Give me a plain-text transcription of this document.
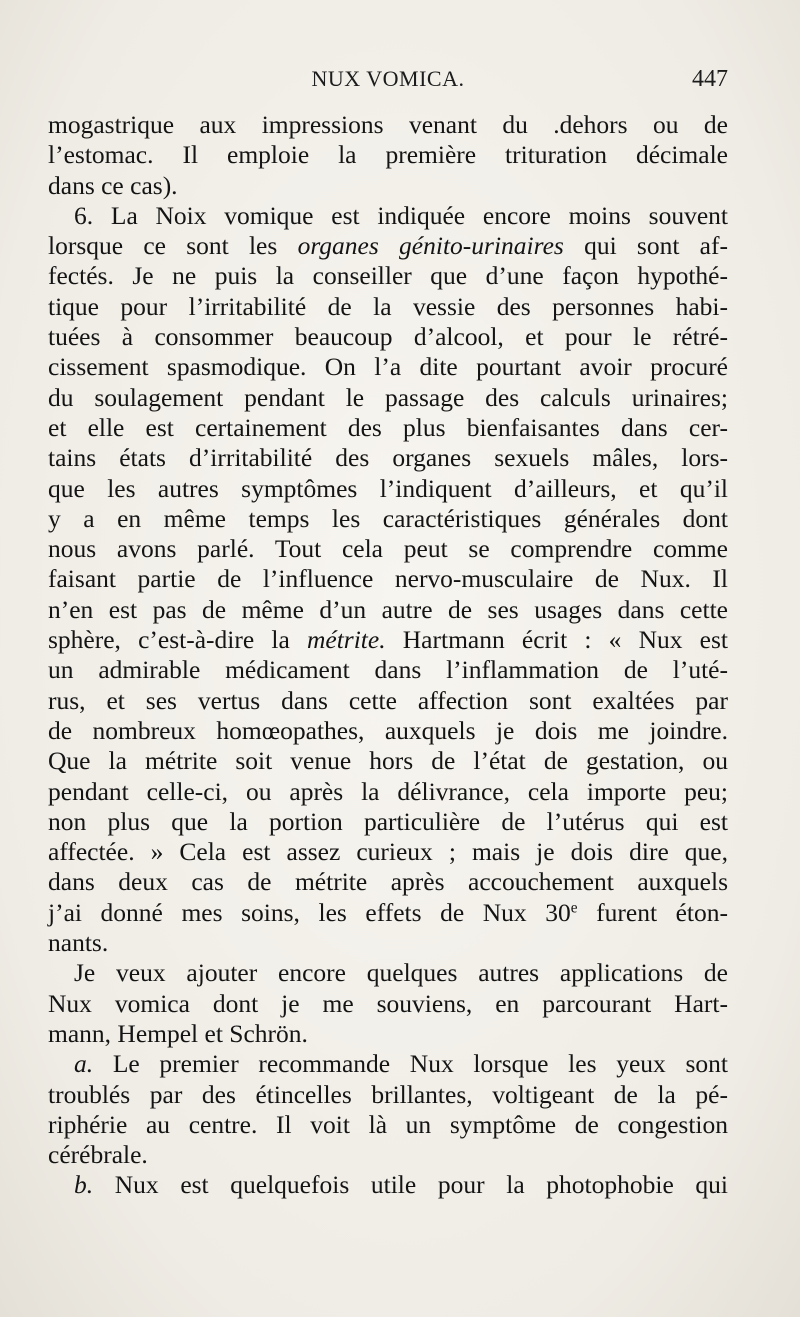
NUX VOMICA.	447
mogastrique aux impressions venant du .dehors ou de
l’estomac. Il emploie la première trituration décimale
dans ce cas).
6. La Noix vomique est indiquée encore moins souvent
lorsque ce sont les organes génito-urinaires qui sont af-
fectés. Je ne puis la conseiller que d’une façon hypothé-
tique pour l’irritabilité de la vessie des personnes habi-
tuées à consommer beaucoup d’alcool, et pour le rétré-
cissement spasmodique. On l’a dite pourtant avoir procuré
du soulagement pendant le passage des calculs urinaires;
et elle est certainement des plus bienfaisantes dans cer-
tains états d’irritabilité des organes sexuels mâles, lors-
que les autres symptômes l’indiquent d’ailleurs, et qu’il
y a en même temps les caractéristiques générales dont
nous avons parlé. Tout cela peut se comprendre comme
faisant partie de l’influence nervo-musculaire de Nux. Il
n’en est pas de même d’un autre de ses usages dans cette
sphère, c’est-à-dire la métrite. Hartmann écrit : « Nux est
un admirable médicament dans l’inflammation de l’uté-
rus, et ses vertus dans cette affection sont exaltées par
de nombreux homœopathes, auxquels je dois me joindre.
Que la métrite soit venue hors de l’état de gestation, ou
pendant celle-ci, ou après la délivrance, cela importe peu;
non plus que la portion particulière de l’utérus qui est
affectée. » Cela est assez curieux ; mais je dois dire que,
dans deux cas de métrite après accouchement auxquels
j’ai donné mes soins, les effets de Nux 30e furent éton-
nants.
Je veux ajouter encore quelques autres applications de
Nux vomica dont je me souviens, en parcourant Hart-
mann, Hempel et Schrön.
a. Le premier recommande Nux lorsque les yeux sont
troublés par des étincelles brillantes, voltigeant de la pé-
riphérie au centre. Il voit là un symptôme de congestion
cérébrale.
b. Nux est quelquefois utile pour la photophobie qui
